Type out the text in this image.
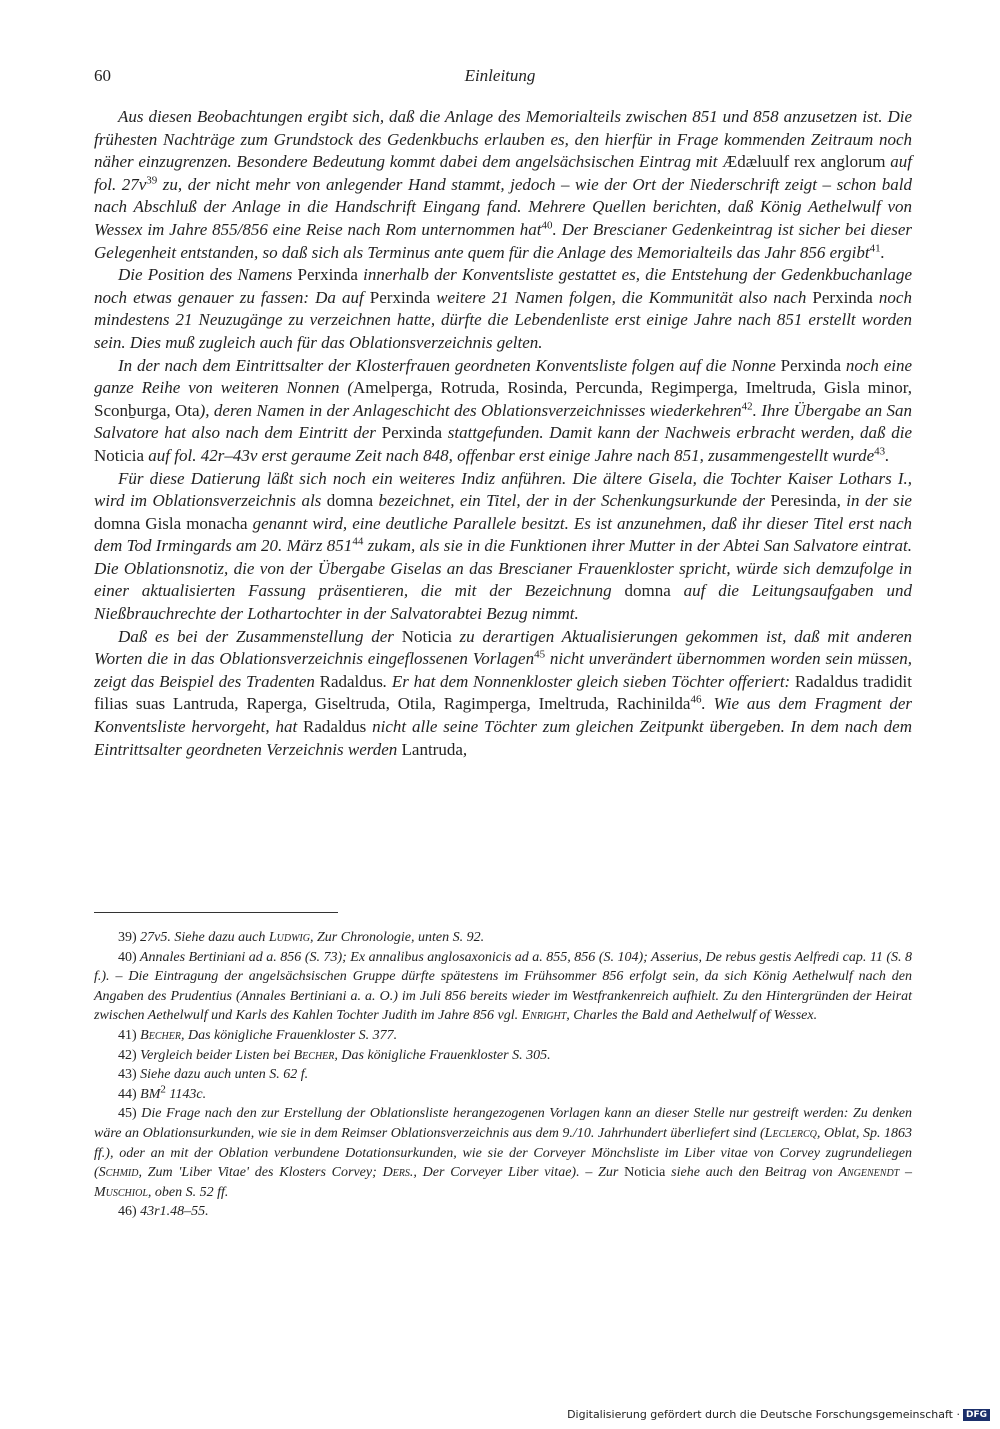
60	Einleitung

Aus diesen Beobachtungen ergibt sich, daß die Anlage des Memorialteils zwischen 851 und 858 anzusetzen ist. Die frühesten Nachträge zum Grundstock des Gedenkbuchs erlauben es, den hierfür in Frage kommenden Zeitraum noch näher einzugrenzen. Besondere Bedeutung kommt dabei dem angelsächsischen Eintrag mit Ædæluulf rex anglorum auf fol. $27v^{39}$ zu, der nicht mehr von anlegender Hand stammt, jedoch – wie der Ort der Niederschrift zeigt – schon bald nach Abschluß der Anlage in die Handschrift Eingang fand. Mehrere Quellen berichten, daß König Aethelwulf von Wessex im Jahre 855/856 eine Reise nach Rom unternommen hat$^{40}$. Der Brescianer Gedenkeintrag ist sicher bei dieser Gelegenheit entstanden, so daß sich als Terminus ante quem für die Anlage des Memorialteils das Jahr 856 ergibt$^{41}$.

Die Position des Namens Perxinda innerhalb der Konventsliste gestattet es, die Entstehung der Gedenkbuchanlage noch etwas genauer zu fassen: Da auf Perxinda weitere 21 Namen folgen, die Kommunität also nach Perxinda noch mindestens 21 Neuzugänge zu verzeichnen hatte, dürfte die Lebendenliste erst einige Jahre nach 851 erstellt worden sein. Dies muß zugleich auch für das Oblationsverzeichnis gelten.

In der nach dem Eintrittsalter der Klosterfrauen geordneten Konventsliste folgen auf die Nonne Perxinda noch eine ganze Reihe von weiteren Nonnen (Amelperga, Rotruda, Rosinda, Percunda, Regimperga, Imeltruda, Gisla minor, Sconḇurga, Ota), deren Namen in der Anlageschicht des Oblationsverzeichnisses wiederkehren$^{42}$. Ihre Übergabe an San Salvatore hat also nach dem Eintritt der Perxinda stattgefunden. Damit kann der Nachweis erbracht werden, daß die Noticia auf fol. 42r–43v erst geraume Zeit nach 848, offenbar erst einige Jahre nach 851, zusammengestellt wurde$^{43}$.

Für diese Datierung läßt sich noch ein weiteres Indiz anführen. Die ältere Gisela, die Tochter Kaiser Lothars I., wird im Oblationsverzeichnis als domna bezeichnet, ein Titel, der in der Schenkungsurkunde der Peresinda, in der sie domna Gisla monacha genannt wird, eine deutliche Parallele besitzt. Es ist anzunehmen, daß ihr dieser Titel erst nach dem Tod Irmingards am 20. März $851^{44}$ zukam, als sie in die Funktionen ihrer Mutter in der Abtei San Salvatore eintrat. Die Oblationsnotiz, die von der Übergabe Giselas an das Brescianer Frauenkloster spricht, würde sich demzufolge in einer aktualisierten Fassung präsentieren, die mit der Bezeichnung domna auf die Leitungsaufgaben und Nießbrauchrechte der Lothartochter in der Salvatorabtei Bezug nimmt.

Daß es bei der Zusammenstellung der Noticia zu derartigen Aktualisierungen gekommen ist, daß mit anderen Worten die in das Oblationsverzeichnis eingeflossenen Vorlagen$^{45}$ nicht unverändert übernommen worden sein müssen, zeigt das Beispiel des Tradenten Radaldus. Er hat dem Nonnenkloster gleich sieben Töchter offeriert: Radaldus tradidit filias suas Lantruda, Raperga, Giseltruda, Otila, Ragimperga, Imeltruda, Rachinilda$^{46}$. Wie aus dem Fragment der Konventsliste hervorgeht, hat Radaldus nicht alle seine Töchter zum gleichen Zeitpunkt übergeben. In dem nach dem Eintrittsalter geordneten Verzeichnis werden Lantruda,

39) 27v5. Siehe dazu auch Ludwig, Zur Chronologie, unten S. 92.

40) Annales Bertiniani ad a. 856 (S. 73); Ex annalibus anglosaxonicis ad a. 855, 856 (S. 104); Asserius, De rebus gestis Aelfredi cap. 11 (S. 8 f.). – Die Eintragung der angelsächsischen Gruppe dürfte spätestens im Frühsommer 856 erfolgt sein, da sich König Aethelwulf nach den Angaben des Prudentius (Annales Bertiniani a. a. O.) im Juli 856 bereits wieder im Westfrankenreich aufhielt. Zu den Hintergründen der Heirat zwischen Aethelwulf und Karls des Kahlen Tochter Judith im Jahre 856 vgl. Enright, Charles the Bald and Aethelwulf of Wessex.

41) Becher, Das königliche Frauenkloster S. 377.

42) Vergleich beider Listen bei Becher, Das königliche Frauenkloster S. 305.

43) Siehe dazu auch unten S. 62 f.

44) $BM^2$ 1143c.

45) Die Frage nach den zur Erstellung der Oblationsliste herangezogenen Vorlagen kann an dieser Stelle nur gestreift werden: Zu denken wäre an Oblationsurkunden, wie sie in dem Reimser Oblationsverzeichnis aus dem 9./10. Jahrhundert überliefert sind (Leclercq, Oblat, Sp. 1863 ff.), oder an mit der Oblation verbundene Dotationsurkunden, wie sie der Corveyer Mönchsliste im Liber vitae von Corvey zugrundeliegen (Schmid, Zum 'Liber Vitae' des Klosters Corvey; Ders., Der Corveyer Liber vitae). – Zur Noticia siehe auch den Beitrag von Angenendt – Muschiol, oben S. 52 ff.

46) 43r1.48–55.

Digitalisierung gefördert durch die Deutsche Forschungsgemeinschaft · DFG
